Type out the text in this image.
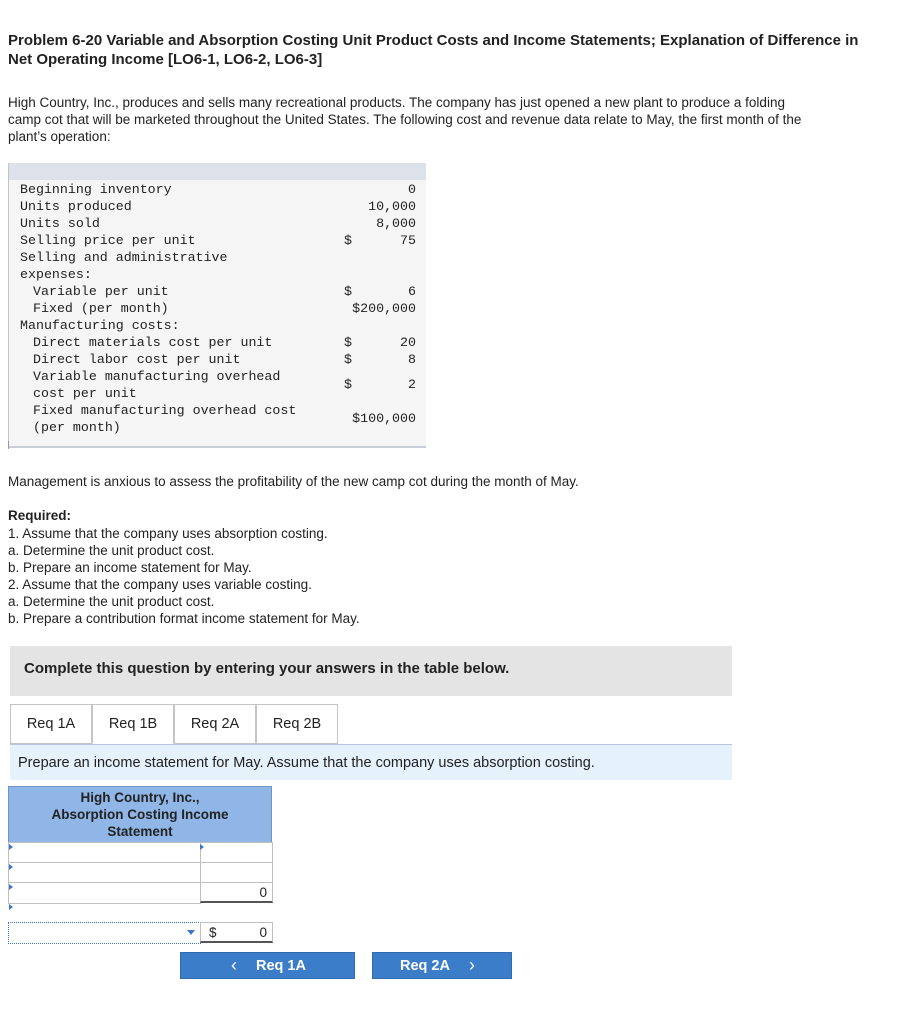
Problem 6-20 Variable and Absorption Costing Unit Product Costs and Income Statements; Explanation of Difference in Net Operating Income [LO6-1, LO6-2, LO6-3]
High Country, Inc., produces and sells many recreational products. The company has just opened a new plant to produce a folding camp cot that will be marketed throughout the United States. The following cost and revenue data relate to May, the first month of the plant’s operation:
Beginning inventory	0
Units produced	10,000
Units sold	8,000
Selling price per unit	$	75
Selling and administrative
expenses:
Variable per unit	$	6
Fixed (per month)	$200,000
Manufacturing costs:
Direct materials cost per unit	$	20
Direct labor cost per unit	$	8
Variable manufacturing overhead
cost per unit
$	2
Fixed manufacturing overhead cost
(per month)
$100,000
Management is anxious to assess the profitability of the new camp cot during the month of May.
Required:
1. Assume that the company uses absorption costing.
a. Determine the unit product cost.
b. Prepare an income statement for May.
2. Assume that the company uses variable costing.
a. Determine the unit product cost.
b. Prepare a contribution format income statement for May.
Complete this question by entering your answers in the table below.
Req 1A	Req 1B	Req 2A	Req 2B
Prepare an income statement for May. Assume that the company uses absorption costing.
High Country, Inc.,
Absorption Costing Income
Statement
0
$	0
‹ Req 1A	Req 2A ›
